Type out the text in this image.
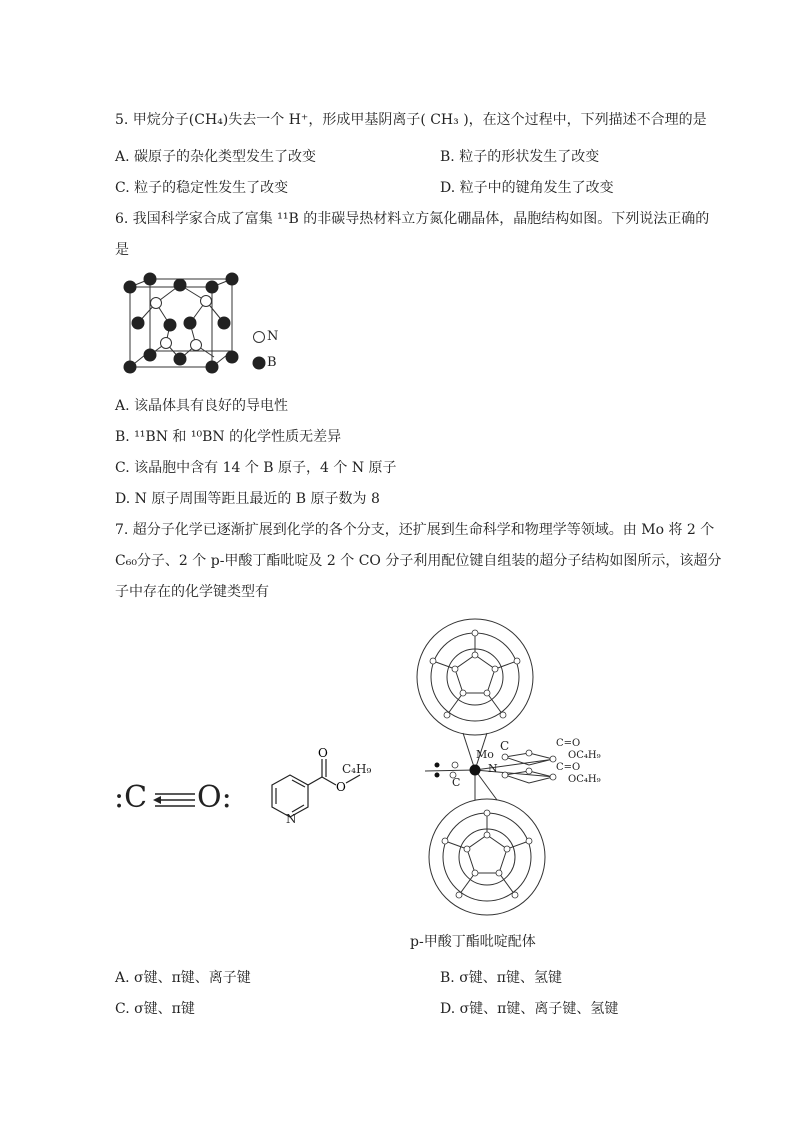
5. 甲烷分子(CH₄)失去一个 H⁺，形成甲基阴离子( CH₃ )，在这个过程中，下列描述不合理的是
A. 碳原子的杂化类型发生了改变	B. 粒子的形状发生了改变
C. 粒子的稳定性发生了改变	D. 粒子中的键角发生了改变
6. 我国科学家合成了富集 ¹¹B 的非碳导热材料立方氮化硼晶体，晶胞结构如图。下列说法正确的
是
N
B
A. 该晶体具有良好的导电性
B. ¹¹BN 和 ¹⁰BN 的化学性质无差异
C. 该晶胞中含有 14 个 B 原子，4 个 N 原子
D. N 原子周围等距且最近的 B 原子数为 8
7. 超分子化学已逐渐扩展到化学的各个分支，还扩展到生命科学和物理学等领域。由 Mo 将 2 个
C₆₀分子、2 个 p-甲酸丁酯吡啶及 2 个 CO 分子利用配位键自组装的超分子结构如图所示，该超分
子中存在的化学键类型有
:C O:
O
O
C₄H₉
N
Mo
C
C
N
C=O
OC₄H₉
C=O
OC₄H₉
p-甲酸丁酯吡啶配体
A. σ键、π键、离子键	B. σ键、π键、氢键
C. σ键、π键	D. σ键、π键、离子键、氢键
